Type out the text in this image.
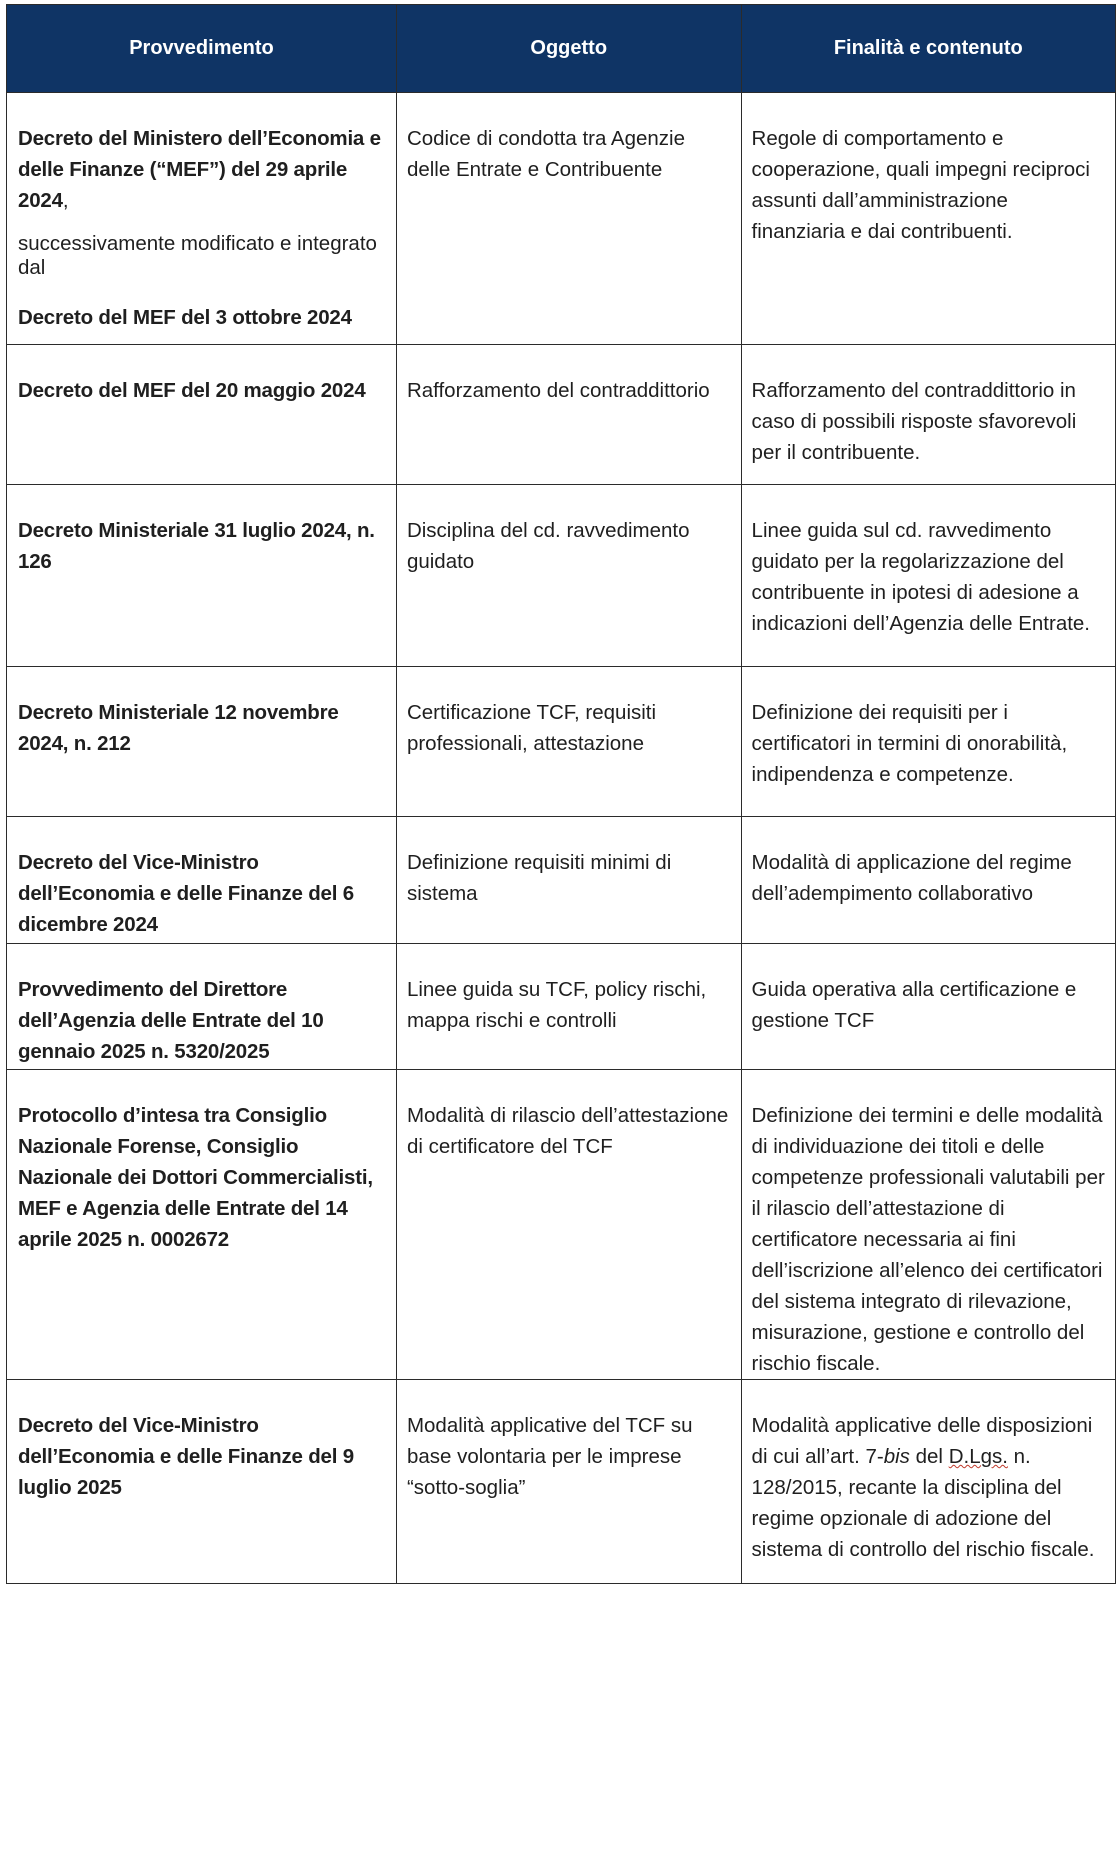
Provvedimento	Oggetto	Finalità e contenuto

Decreto del Ministero dell’Economia e delle Finanze (“MEF”) del 29 aprile 2024,
successivamente modificato e integrato dal
Decreto del MEF del 3 ottobre 2024	Codice di condotta tra Agenzie delle Entrate e Contribuente	Regole di comportamento e cooperazione, quali impegni reciproci assunti dall’amministrazione finanziaria e dai contribuenti.

Decreto del MEF del 20 maggio 2024	Rafforzamento del contraddittorio	Rafforzamento del contraddittorio in caso di possibili risposte sfavorevoli per il contribuente.

Decreto Ministeriale 31 luglio 2024, n. 126	Disciplina del cd. ravvedimento guidato	Linee guida sul cd. ravvedimento guidato per la regolarizzazione del contribuente in ipotesi di adesione a indicazioni dell’Agenzia delle Entrate.

Decreto Ministeriale 12 novembre 2024, n. 212	Certificazione TCF, requisiti professionali, attestazione	Definizione dei requisiti per i certificatori in termini di onorabilità, indipendenza e competenze.

Decreto del Vice-Ministro dell’Economia e delle Finanze del 6 dicembre 2024	Definizione requisiti minimi di sistema	Modalità di applicazione del regime dell’adempimento collaborativo

Provvedimento del Direttore dell’Agenzia delle Entrate del 10 gennaio 2025 n. 5320/2025	Linee guida su TCF, policy rischi, mappa rischi e controlli	Guida operativa alla certificazione e gestione TCF

Protocollo d’intesa tra Consiglio Nazionale Forense, Consiglio Nazionale dei Dottori Commercialisti, MEF e Agenzia delle Entrate del 14 aprile 2025 n. 0002672	Modalità di rilascio dell’attestazione di certificatore del TCF	Definizione dei termini e delle modalità di individuazione dei titoli e delle competenze professionali valutabili per il rilascio dell’attestazione di certificatore necessaria ai fini dell’iscrizione all’elenco dei certificatori del sistema integrato di rilevazione, misurazione, gestione e controllo del rischio fiscale.

Decreto del Vice-Ministro dell’Economia e delle Finanze del 9 luglio 2025	Modalità applicative del TCF su base volontaria per le imprese “sotto-soglia”	Modalità applicative delle disposizioni di cui all’art. 7-bis del D.Lgs. n. 128/2015, recante la disciplina del regime opzionale di adozione del sistema di controllo del rischio fiscale.
